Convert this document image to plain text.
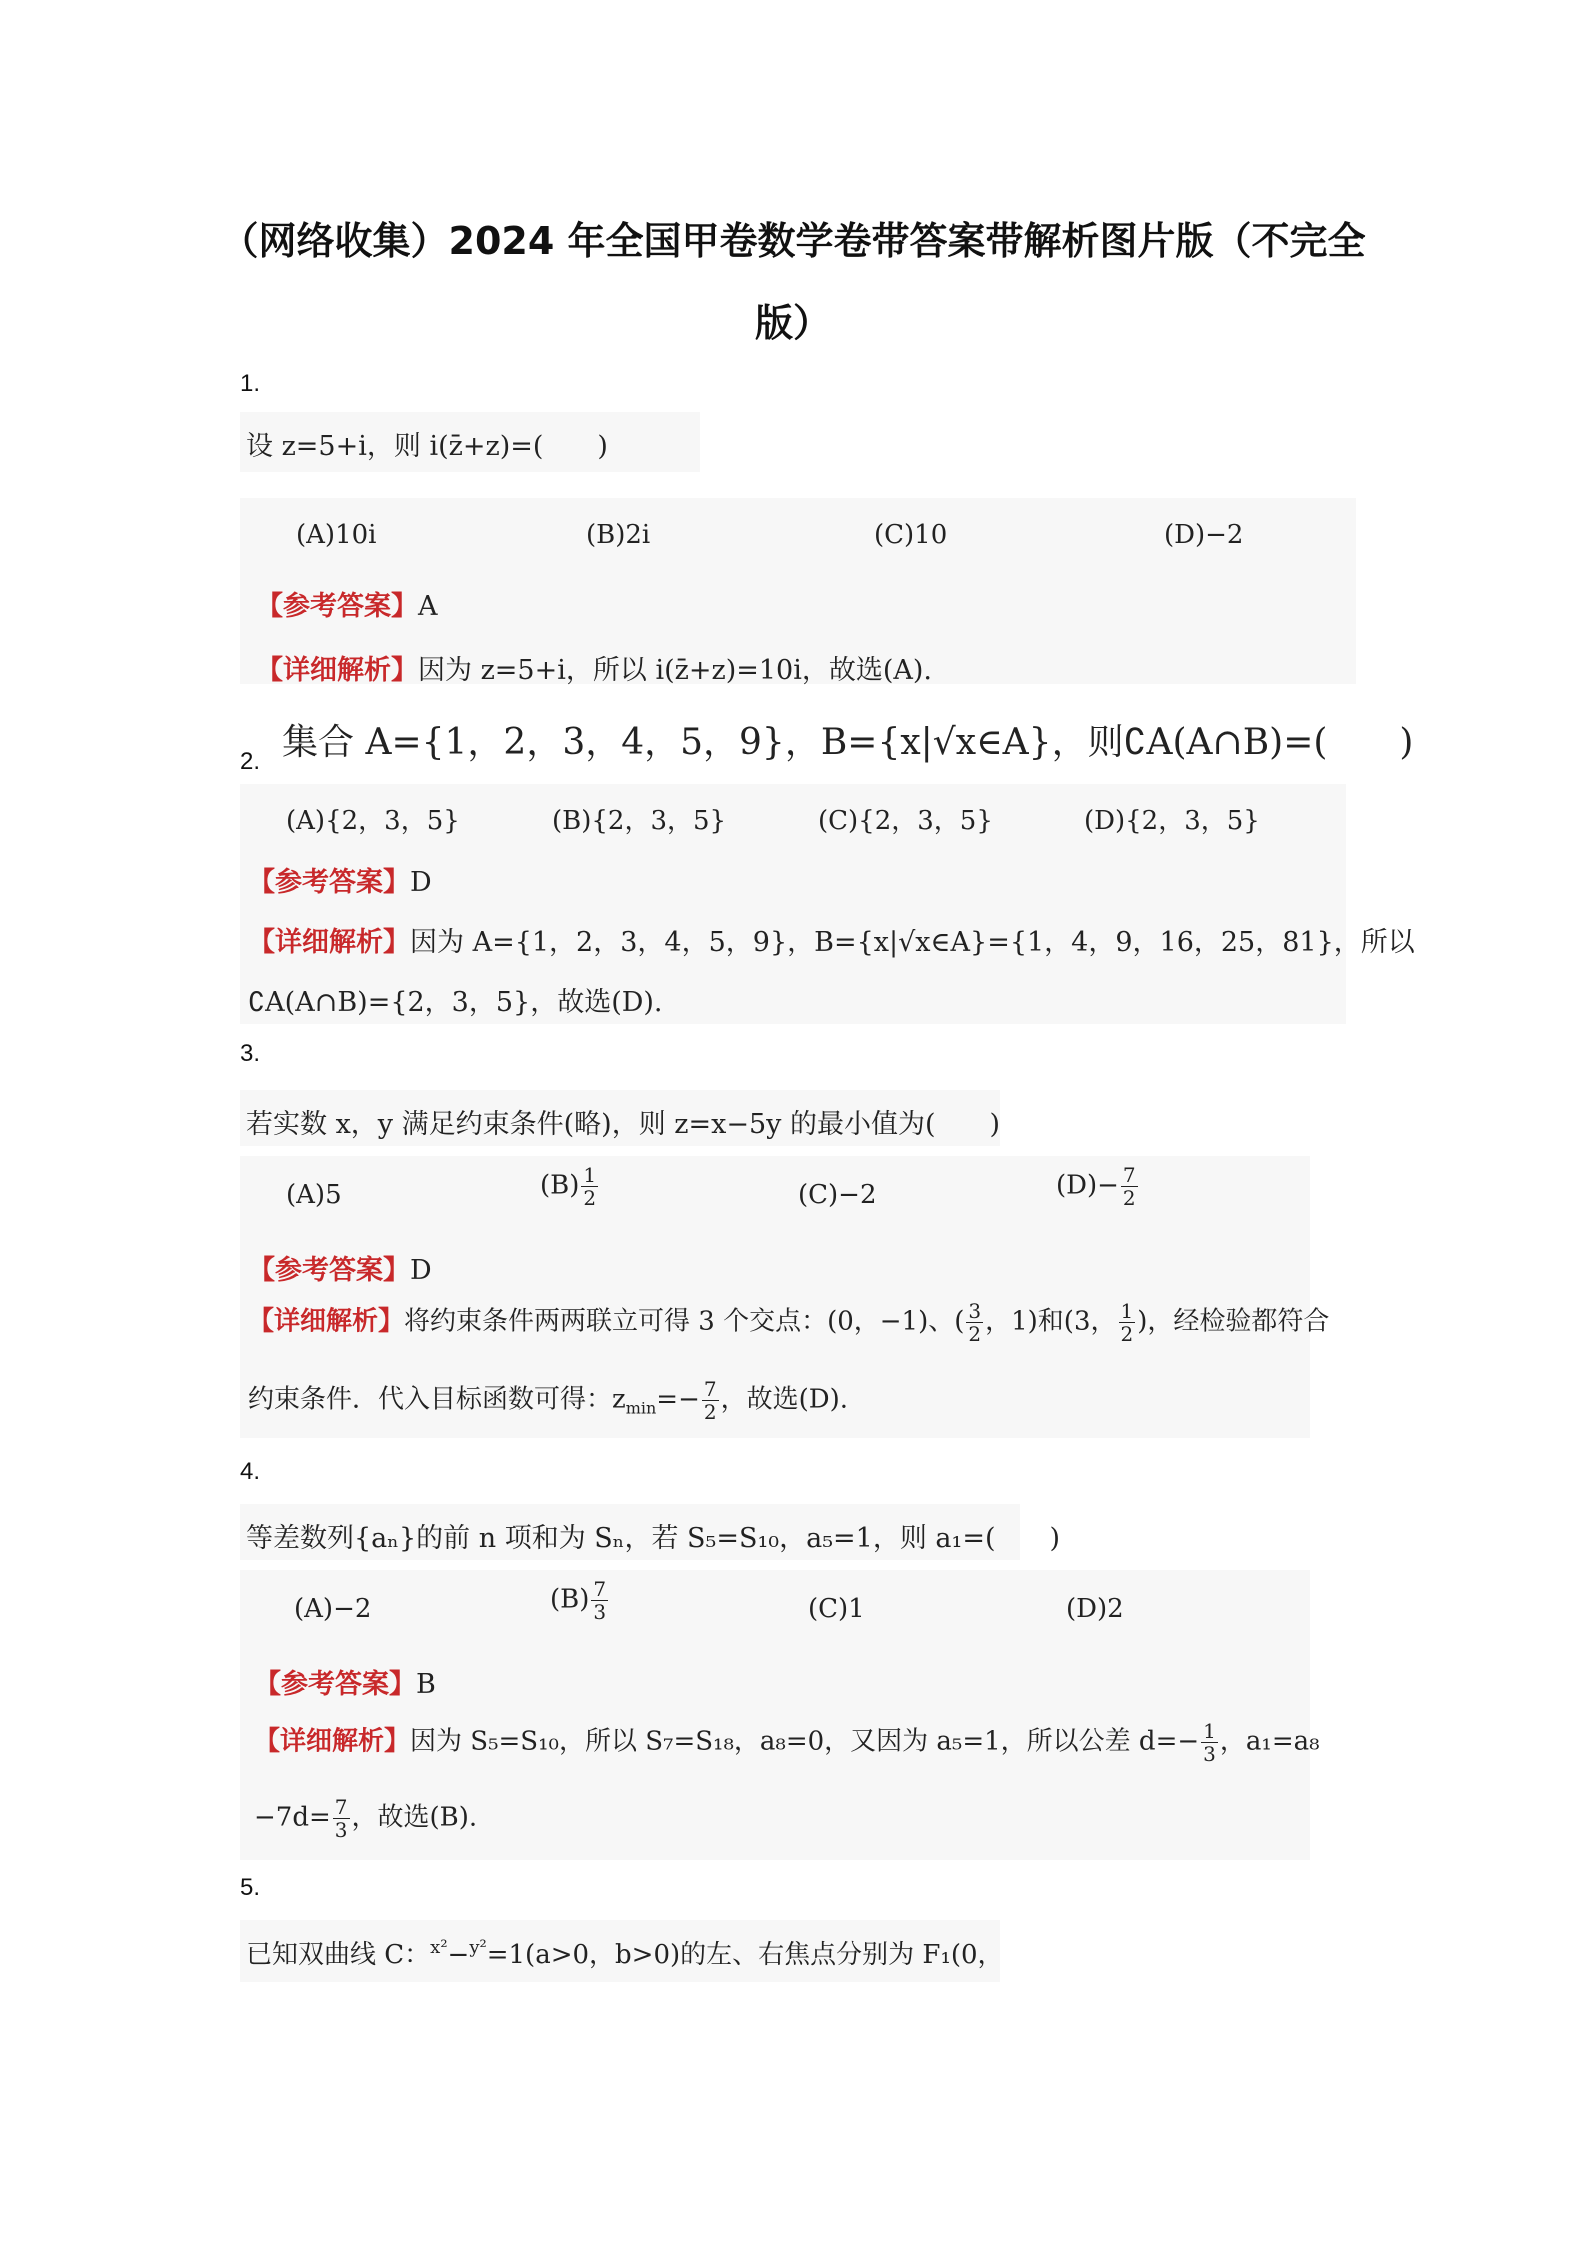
（网络收集）2024 年全国甲卷数学卷带答案带解析图片版（不完全
版）
1.
设 z=5+i，则 i(z̄+z)=(　　)
(A)10i	(B)2i	(C)10	(D)−2
【参考答案】A
【详细解析】因为 z=5+i，所以 i(z̄+z)=10i，故选(A).
集合 A={1，2，3，4，5，9}，B={x|√x∈A}，则∁A(A∩B)=(　　)
2.
(A){2，3，5}	(B){2，3，5}	(C){2，3，5}	(D){2，3，5}
【参考答案】D
【详细解析】因为 A={1，2，3，4，5，9}，B={x|√x∈A}={1，4，9，16，25，81}，所以
∁A(A∩B)={2，3，5}，故选(D).
3.
若实数 x，y 满足约束条件(略)，则 z=x−5y 的最小值为(　　)
(A)5	$(B) \frac{1}{2}$	(C)−2	$(D)- \frac{7}{2}$
【参考答案】D
【详细解析】将约束条件两两联立可得 3 个交点：(0，−1)、( $\frac{3}{2}$ ，1)和(3， $\frac{1}{2}$ )，经检验都符合
约束条件．代入目标函数可得：$z_{min}=- \frac{7}{2}$ ，故选(D).
4.
等差数列{aₙ}的前 n 项和为 Sₙ，若 S₅=S₁₀，a₅=1，则 a₁=(　　)
(A)−2	$(B) \frac{7}{3}$	(C)1	(D)2
【参考答案】B
【详细解析】因为 S₅=S₁₀，所以 S₇=S₁₈，a₈=0，又因为 a₅=1，所以公差 $d=- \frac{1}{3}$ ，a₁=a₈
$-7d= \frac{7}{3}$ ，故选(B).
5.
已知双曲线 C：$^{x^2}$−$^{y^2}$=1(a>0，b>0)的左、右焦点分别为 F₁(0，
